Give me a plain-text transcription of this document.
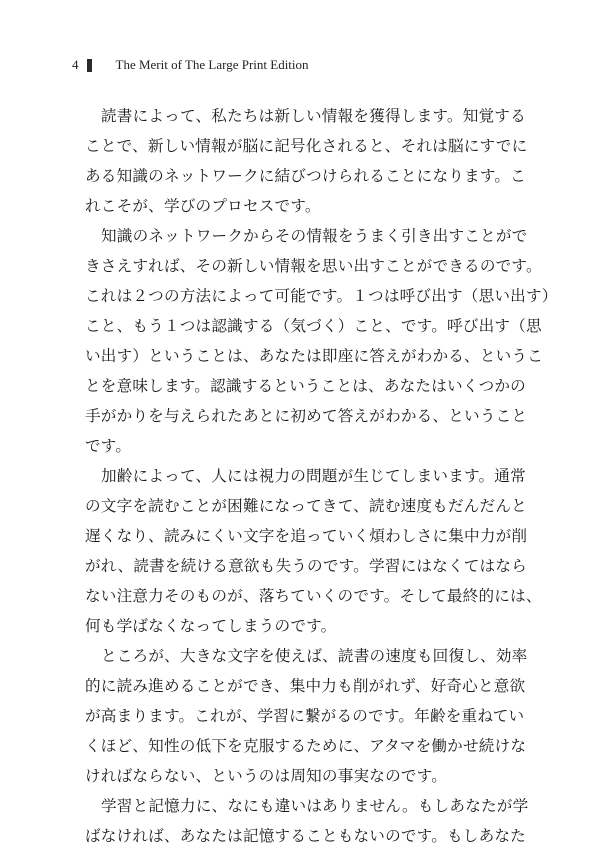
4	The Merit of The Large Print Edition
読書によって、私たちは新しい情報を獲得します。知覚する
ことで、新しい情報が脳に記号化されると、それは脳にすでに
ある知識のネットワークに結びつけられることになります。こ
れこそが、学びのプロセスです。
知識のネットワークからその情報をうまく引き出すことがで
きさえすれば、その新しい情報を思い出すことができるのです。
これは２つの方法によって可能です。１つは呼び出す（思い出す）
こと、もう１つは認識する（気づく）こと、です。呼び出す（思
い出す）ということは、あなたは即座に答えがわかる、というこ
とを意味します。認識するということは、あなたはいくつかの
手がかりを与えられたあとに初めて答えがわかる、ということ
です。
加齢によって、人には視力の問題が生じてしまいます。通常
の文字を読むことが困難になってきて、読む速度もだんだんと
遅くなり、読みにくい文字を追っていく煩わしさに集中力が削
がれ、読書を続ける意欲も失うのです。学習にはなくてはなら
ない注意力そのものが、落ちていくのです。そして最終的には、
何も学ばなくなってしまうのです。
ところが、大きな文字を使えば、読書の速度も回復し、効率
的に読み進めることができ、集中力も削がれず、好奇心と意欲
が高まります。これが、学習に繋がるのです。年齢を重ねてい
くほど、知性の低下を克服するために、アタマを働かせ続けな
ければならない、というのは周知の事実なのです。
学習と記憶力に、なにも違いはありません。もしあなたが学
ばなければ、あなたは記憶することもないのです。もしあなた
